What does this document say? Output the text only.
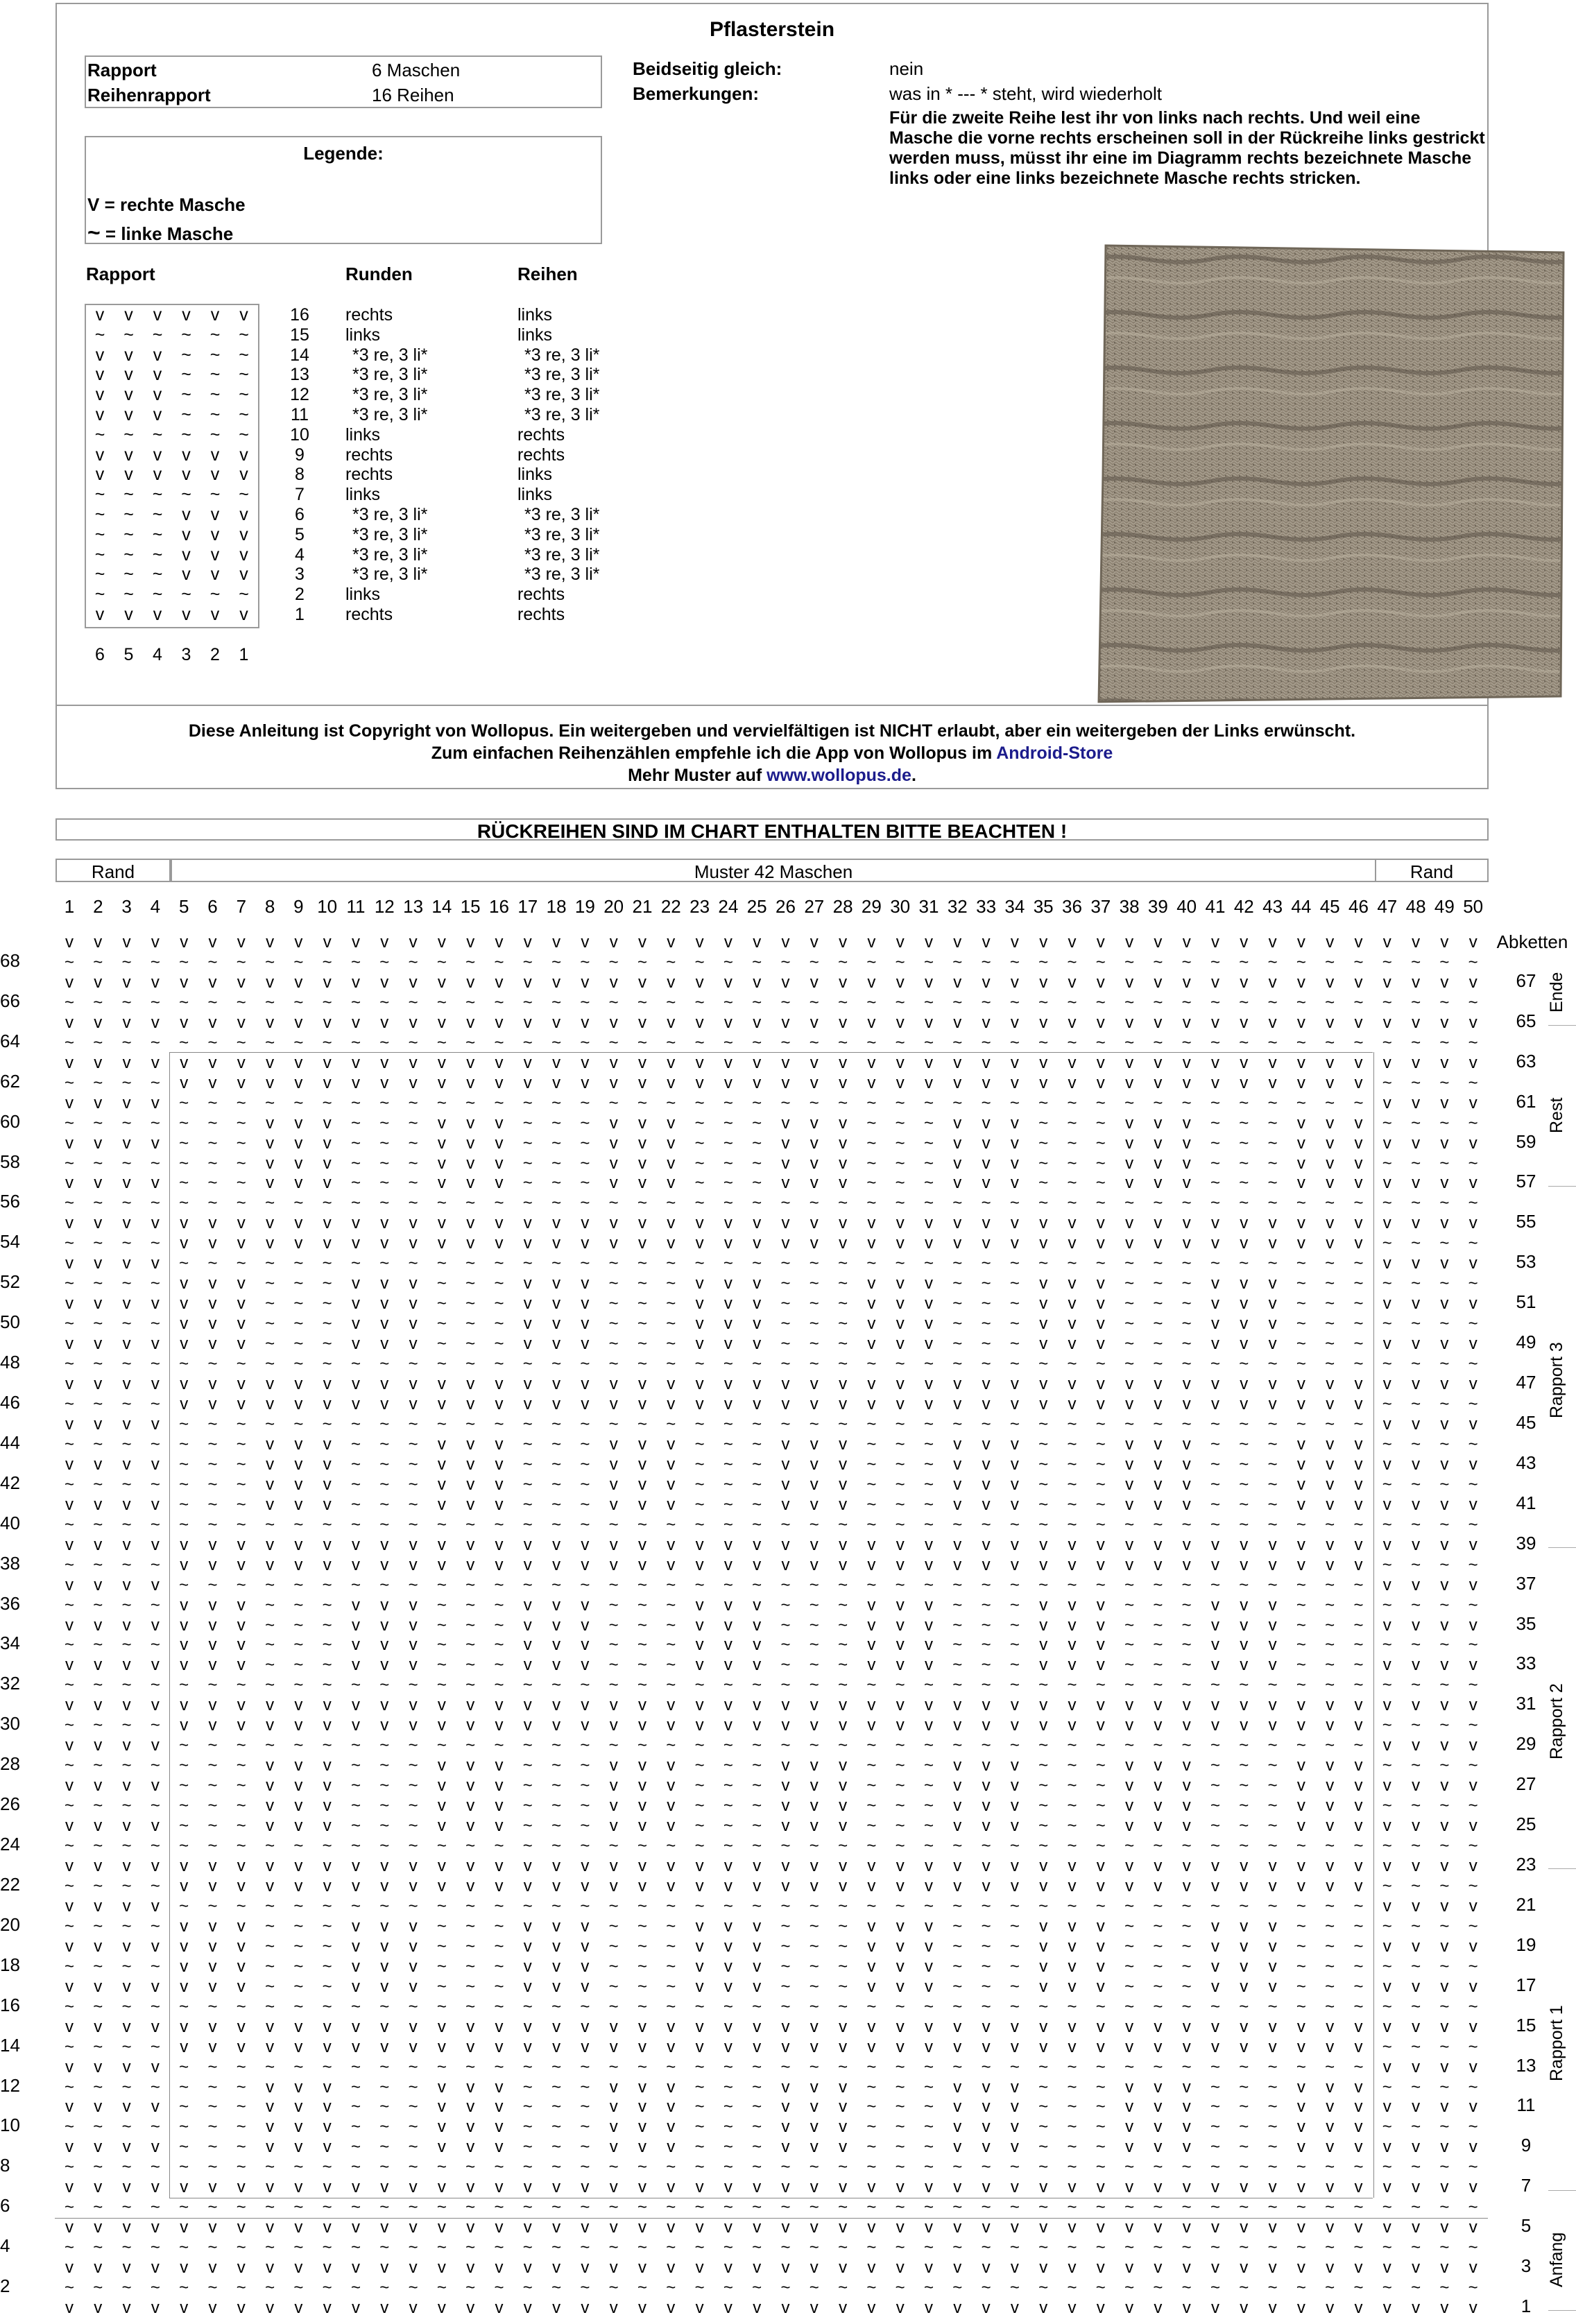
Pflasterstein
Rapport	6 Maschen
Reihenrapport	16 Reihen
Beidseitig gleich:	nein
Bemerkungen:	was in * --- * steht, wird wiederholt
Für die zweite Reihe lest ihr von links nach rechts. Und weil eine
Masche die vorne rechts erscheinen soll in der Rückreihe links gestrickt
werden muss, müsst ihr eine im Diagramm rechts bezeichnete Masche
links oder eine links bezeichnete Masche rechts stricken.
Legende:
V = rechte Masche
~ = linke Masche
Rapport	Runden	Reihen
v	v	v	v	v	v	16 rechts	links
~	~	~	~	~	~	15 links	links
v	v	v	~	~	~	14 *3 re, 3 li*	*3 re, 3 li*
v	v	v	~	~	~	13 *3 re, 3 li*	*3 re, 3 li*
v	v	v	~	~	~	12 *3 re, 3 li*	*3 re, 3 li*
v	v	v	~	~	~	11	*3 re, 3 li*	*3 re, 3 li*
~	~	~	~	~	~	10 links	rechts
v	v	v	v	v	v	9	rechts	rechts
v	v	v	v	v	v	8	rechts	links
~	~	~	~	~	~	7	links	links
~	~	~	v	v	v	6	*3 re, 3 li*	*3 re, 3 li*
~	~	~	v	v	v	5	*3 re, 3 li*	*3 re, 3 li*
~	~	~	v	v	v	4	*3 re, 3 li*	*3 re, 3 li*
~	~	~	v	v	v	3	*3 re, 3 li*	*3 re, 3 li*
~	~	~	~	~	~	2	links	rechts
v	v	v	v	v	v	1	rechts	rechts
6	5	4	3	2	1
Diese Anleitung ist Copyright von Wollopus. Ein weitergeben und vervielfältigen ist NICHT erlaubt, aber ein weitergeben der Links erwünscht.
Zum einfachen Reihenzählen empfehle ich die App von Wollopus im Android-Store
Mehr Muster auf www.wollopus.de.
RÜCKREIHEN SIND IM CHART ENTHALTEN BITTE BEACHTEN !
Rand	Muster 42 Maschen	Rand
1	2	3	4	5	6	7	8	9 10 11 12 13 14 15 16 17 18 19 20 21 22 23 24 25 26 27 28 29 30 31 32 33 34 35 36 37 38 39 40 41 42 43 44 45 46 47 48 49 50
v	v	v	v	v	v	v	v	v	v	v	v	v	v	v	v	v	v	v	v	v	v	v	v	v	v	v	v	v	v	v	v	v	v	v	v	v	v	v	v	v	v	v	v	v	v	v	v	v	v
~	~	~	~	~	~	~	~	~	~	~	~	~	~	~	~	~	~	~	~	~	~	~	~	~	~	~	~	~	~	~	~	~	~	~	~	~	~	~	~	~	~	~	~	~	~	~	~	~	~
68
v	v	v	v	v	v	v	v	v	v	v	v	v	v	v	v	v	v	v	v	v	v	v	v	v	v	v	v	v	v	v	v	v	v	v	v	v	v	v	v	v	v	v	v	v	v	v	v	v	v	67
~	~	~	~	~	~	~	~	~	~	~	~	~	~	~	~	~	~	~	~	~	~	~	~	~	~	~	~	~	~	~	~	~	~	~	~	~	~	~	~	~	~	~	~	~	~	~	~	~	~
66
v	v	v	v	v	v	v	v	v	v	v	v	v	v	v	v	v	v	v	v	v	v	v	v	v	v	v	v	v	v	v	v	v	v	v	v	v	v	v	v	v	v	v	v	v	v	v	v	v	v	65
~	~	~	~	~	~	~	~	~	~	~	~	~	~	~	~	~	~	~	~	~	~	~	~	~	~	~	~	~	~	~	~	~	~	~	~	~	~	~	~	~	~	~	~	~	~	~	~	~	~
64
v	v	v	v	v	v	v	v	v	v	v	v	v	v	v	v	v	v	v	v	v	v	v	v	v	v	v	v	v	v	v	v	v	v	v	v	v	v	v	v	v	v	v	v	v	v	v	v	v	v	63
~	~	~	~	v	v	v	v	v	v	v	v	v	v	v	v	v	v	v	v	v	v	v	v	v	v	v	v	v	v	v	v	v	v	v	v	v	v	v	v	v	v	v	v	v	v	~	~	~	~
62
v	v	v	v	~	~	~	~	~	~	~	~	~	~	~	~	~	~	~	~	~	~	~	~	~	~	~	~	~	~	~	~	~	~	~	~	~	~	~	~	~	~	~	~	~	~	v	v	v	v	61
~	~	~	~	~	~	~	v	v	v	~	~	~	v	v	v	~	~	~	v	v	v	~	~	~	v	v	v	~	~	~	v	v	v	~	~	~	v	v	v	~	~	~	v	v	v	~	~	~	~
60
v	v	v	v	~	~	~	v	v	v	~	~	~	v	v	v	~	~	~	v	v	v	~	~	~	v	v	v	~	~	~	v	v	v	~	~	~	v	v	v	~	~	~	v	v	v	v	v	v	v	59
~	~	~	~	~	~	~	v	v	v	~	~	~	v	v	v	~	~	~	v	v	v	~	~	~	v	v	v	~	~	~	v	v	v	~	~	~	v	v	v	~	~	~	v	v	v	~	~	~	~
58
v	v	v	v	~	~	~	v	v	v	~	~	~	v	v	v	~	~	~	v	v	v	~	~	~	v	v	v	~	~	~	v	v	v	~	~	~	v	v	v	~	~	~	v	v	v	v	v	v	v	57
~	~	~	~	~	~	~	~	~	~	~	~	~	~	~	~	~	~	~	~	~	~	~	~	~	~	~	~	~	~	~	~	~	~	~	~	~	~	~	~	~	~	~	~	~	~	~	~	~	~
56
v	v	v	v	v	v	v	v	v	v	v	v	v	v	v	v	v	v	v	v	v	v	v	v	v	v	v	v	v	v	v	v	v	v	v	v	v	v	v	v	v	v	v	v	v	v	v	v	v	v	55
~	~	~	~	v	v	v	v	v	v	v	v	v	v	v	v	v	v	v	v	v	v	v	v	v	v	v	v	v	v	v	v	v	v	v	v	v	v	v	v	v	v	v	v	v	v	~	~	~	~
54
v	v	v	v	~	~	~	~	~	~	~	~	~	~	~	~	~	~	~	~	~	~	~	~	~	~	~	~	~	~	~	~	~	~	~	~	~	~	~	~	~	~	~	~	~	~	v	v	v	v	53
~	~	~	~	v	v	v	~	~	~	v	v	v	~	~	~	v	v	v	~	~	~	v	v	v	~	~	~	v	v	v	~	~	~	v	v	v	~	~	~	v	v	v	~	~	~	~	~	~	~
52
v	v	v	v	v	v	v	~	~	~	v	v	v	~	~	~	v	v	v	~	~	~	v	v	v	~	~	~	v	v	v	~	~	~	v	v	v	~	~	~	v	v	v	~	~	~	v	v	v	v	51
~	~	~	~	v	v	v	~	~	~	v	v	v	~	~	~	v	v	v	~	~	~	v	v	v	~	~	~	v	v	v	~	~	~	v	v	v	~	~	~	v	v	v	~	~	~	~	~	~	~
50
v	v	v	v	v	v	v	~	~	~	v	v	v	~	~	~	v	v	v	~	~	~	v	v	v	~	~	~	v	v	v	~	~	~	v	v	v	~	~	~	v	v	v	~	~	~	v	v	v	v	49
~	~	~	~	~	~	~	~	~	~	~	~	~	~	~	~	~	~	~	~	~	~	~	~	~	~	~	~	~	~	~	~	~	~	~	~	~	~	~	~	~	~	~	~	~	~	~	~	~	~
48
v	v	v	v	v	v	v	v	v	v	v	v	v	v	v	v	v	v	v	v	v	v	v	v	v	v	v	v	v	v	v	v	v	v	v	v	v	v	v	v	v	v	v	v	v	v	v	v	v	v	47
~	~	~	~	v	v	v	v	v	v	v	v	v	v	v	v	v	v	v	v	v	v	v	v	v	v	v	v	v	v	v	v	v	v	v	v	v	v	v	v	v	v	v	v	v	v	~	~	~	~
46
v	v	v	v	~	~	~	~	~	~	~	~	~	~	~	~	~	~	~	~	~	~	~	~	~	~	~	~	~	~	~	~	~	~	~	~	~	~	~	~	~	~	~	~	~	~	v	v	v	v	45
~	~	~	~	~	~	~	v	v	v	~	~	~	v	v	v	~	~	~	v	v	v	~	~	~	v	v	v	~	~	~	v	v	v	~	~	~	v	v	v	~	~	~	v	v	v	~	~	~	~
44
v	v	v	v	~	~	~	v	v	v	~	~	~	v	v	v	~	~	~	v	v	v	~	~	~	v	v	v	~	~	~	v	v	v	~	~	~	v	v	v	~	~	~	v	v	v	v	v	v	v	43
~	~	~	~	~	~	~	v	v	v	~	~	~	v	v	v	~	~	~	v	v	v	~	~	~	v	v	v	~	~	~	v	v	v	~	~	~	v	v	v	~	~	~	v	v	v	~	~	~	~
42
v	v	v	v	~	~	~	v	v	v	~	~	~	v	v	v	~	~	~	v	v	v	~	~	~	v	v	v	~	~	~	v	v	v	~	~	~	v	v	v	~	~	~	v	v	v	v	v	v	v	41
~	~	~	~	~	~	~	~	~	~	~	~	~	~	~	~	~	~	~	~	~	~	~	~	~	~	~	~	~	~	~	~	~	~	~	~	~	~	~	~	~	~	~	~	~	~	~	~	~	~
40
v	v	v	v	v	v	v	v	v	v	v	v	v	v	v	v	v	v	v	v	v	v	v	v	v	v	v	v	v	v	v	v	v	v	v	v	v	v	v	v	v	v	v	v	v	v	v	v	v	v	39
~	~	~	~	v	v	v	v	v	v	v	v	v	v	v	v	v	v	v	v	v	v	v	v	v	v	v	v	v	v	v	v	v	v	v	v	v	v	v	v	v	v	v	v	v	v	~	~	~	~
38
v	v	v	v	~	~	~	~	~	~	~	~	~	~	~	~	~	~	~	~	~	~	~	~	~	~	~	~	~	~	~	~	~	~	~	~	~	~	~	~	~	~	~	~	~	~	v	v	v	v	37
~	~	~	~	v	v	v	~	~	~	v	v	v	~	~	~	v	v	v	~	~	~	v	v	v	~	~	~	v	v	v	~	~	~	v	v	v	~	~	~	v	v	v	~	~	~	~	~	~	~
36
v	v	v	v	v	v	v	~	~	~	v	v	v	~	~	~	v	v	v	~	~	~	v	v	v	~	~	~	v	v	v	~	~	~	v	v	v	~	~	~	v	v	v	~	~	~	v	v	v	v	35
~	~	~	~	v	v	v	~	~	~	v	v	v	~	~	~	v	v	v	~	~	~	v	v	v	~	~	~	v	v	v	~	~	~	v	v	v	~	~	~	v	v	v	~	~	~	~	~	~	~
34
v	v	v	v	v	v	v	~	~	~	v	v	v	~	~	~	v	v	v	~	~	~	v	v	v	~	~	~	v	v	v	~	~	~	v	v	v	~	~	~	v	v	v	~	~	~	v	v	v	v	33
~	~	~	~	~	~	~	~	~	~	~	~	~	~	~	~	~	~	~	~	~	~	~	~	~	~	~	~	~	~	~	~	~	~	~	~	~	~	~	~	~	~	~	~	~	~	~	~	~	~
32
v	v	v	v	v	v	v	v	v	v	v	v	v	v	v	v	v	v	v	v	v	v	v	v	v	v	v	v	v	v	v	v	v	v	v	v	v	v	v	v	v	v	v	v	v	v	v	v	v	v	31
~	~	~	~	v	v	v	v	v	v	v	v	v	v	v	v	v	v	v	v	v	v	v	v	v	v	v	v	v	v	v	v	v	v	v	v	v	v	v	v	v	v	v	v	v	v	~	~	~	~
30
v	v	v	v	~	~	~	~	~	~	~	~	~	~	~	~	~	~	~	~	~	~	~	~	~	~	~	~	~	~	~	~	~	~	~	~	~	~	~	~	~	~	~	~	~	~	v	v	v	v	29
~	~	~	~	~	~	~	v	v	v	~	~	~	v	v	v	~	~	~	v	v	v	~	~	~	v	v	v	~	~	~	v	v	v	~	~	~	v	v	v	~	~	~	v	v	v	~	~	~	~
28
v	v	v	v	~	~	~	v	v	v	~	~	~	v	v	v	~	~	~	v	v	v	~	~	~	v	v	v	~	~	~	v	v	v	~	~	~	v	v	v	~	~	~	v	v	v	v	v	v	v	27
~	~	~	~	~	~	~	v	v	v	~	~	~	v	v	v	~	~	~	v	v	v	~	~	~	v	v	v	~	~	~	v	v	v	~	~	~	v	v	v	~	~	~	v	v	v	~	~	~	~
26
v	v	v	v	~	~	~	v	v	v	~	~	~	v	v	v	~	~	~	v	v	v	~	~	~	v	v	v	~	~	~	v	v	v	~	~	~	v	v	v	~	~	~	v	v	v	v	v	v	v	25
~	~	~	~	~	~	~	~	~	~	~	~	~	~	~	~	~	~	~	~	~	~	~	~	~	~	~	~	~	~	~	~	~	~	~	~	~	~	~	~	~	~	~	~	~	~	~	~	~	~
24
v	v	v	v	v	v	v	v	v	v	v	v	v	v	v	v	v	v	v	v	v	v	v	v	v	v	v	v	v	v	v	v	v	v	v	v	v	v	v	v	v	v	v	v	v	v	v	v	v	v	23
~	~	~	~	v	v	v	v	v	v	v	v	v	v	v	v	v	v	v	v	v	v	v	v	v	v	v	v	v	v	v	v	v	v	v	v	v	v	v	v	v	v	v	v	v	v	~	~	~	~
22
v	v	v	v	~	~	~	~	~	~	~	~	~	~	~	~	~	~	~	~	~	~	~	~	~	~	~	~	~	~	~	~	~	~	~	~	~	~	~	~	~	~	~	~	~	~	v	v	v	v	21
~	~	~	~	v	v	v	~	~	~	v	v	v	~	~	~	v	v	v	~	~	~	v	v	v	~	~	~	v	v	v	~	~	~	v	v	v	~	~	~	v	v	v	~	~	~	~	~	~	~
20
v	v	v	v	v	v	v	~	~	~	v	v	v	~	~	~	v	v	v	~	~	~	v	v	v	~	~	~	v	v	v	~	~	~	v	v	v	~	~	~	v	v	v	~	~	~	v	v	v	v	19
~	~	~	~	v	v	v	~	~	~	v	v	v	~	~	~	v	v	v	~	~	~	v	v	v	~	~	~	v	v	v	~	~	~	v	v	v	~	~	~	v	v	v	~	~	~	~	~	~	~
18
v	v	v	v	v	v	v	~	~	~	v	v	v	~	~	~	v	v	v	~	~	~	v	v	v	~	~	~	v	v	v	~	~	~	v	v	v	~	~	~	v	v	v	~	~	~	v	v	v	v	17
~	~	~	~	~	~	~	~	~	~	~	~	~	~	~	~	~	~	~	~	~	~	~	~	~	~	~	~	~	~	~	~	~	~	~	~	~	~	~	~	~	~	~	~	~	~	~	~	~	~
16
v	v	v	v	v	v	v	v	v	v	v	v	v	v	v	v	v	v	v	v	v	v	v	v	v	v	v	v	v	v	v	v	v	v	v	v	v	v	v	v	v	v	v	v	v	v	v	v	v	v	15
~	~	~	~	v	v	v	v	v	v	v	v	v	v	v	v	v	v	v	v	v	v	v	v	v	v	v	v	v	v	v	v	v	v	v	v	v	v	v	v	v	v	v	v	v	v	~	~	~	~
14
v	v	v	v	~	~	~	~	~	~	~	~	~	~	~	~	~	~	~	~	~	~	~	~	~	~	~	~	~	~	~	~	~	~	~	~	~	~	~	~	~	~	~	~	~	~	v	v	v	v	13
~	~	~	~	~	~	~	v	v	v	~	~	~	v	v	v	~	~	~	v	v	v	~	~	~	v	v	v	~	~	~	v	v	v	~	~	~	v	v	v	~	~	~	v	v	v	~	~	~	~
12
v	v	v	v	~	~	~	v	v	v	~	~	~	v	v	v	~	~	~	v	v	v	~	~	~	v	v	v	~	~	~	v	v	v	~	~	~	v	v	v	~	~	~	v	v	v	v	v	v	v	11
~	~	~	~	~	~	~	v	v	v	~	~	~	v	v	v	~	~	~	v	v	v	~	~	~	v	v	v	~	~	~	v	v	v	~	~	~	v	v	v	~	~	~	v	v	v	~	~	~	~
10
v	v	v	v	~	~	~	v	v	v	~	~	~	v	v	v	~	~	~	v	v	v	~	~	~	v	v	v	~	~	~	v	v	v	~	~	~	v	v	v	~	~	~	v	v	v	v	v	v	v	9
~	~	~	~	~	~	~	~	~	~	~	~	~	~	~	~	~	~	~	~	~	~	~	~	~	~	~	~	~	~	~	~	~	~	~	~	~	~	~	~	~	~	~	~	~	~	~	~	~	~
8
v	v	v	v	v	v	v	v	v	v	v	v	v	v	v	v	v	v	v	v	v	v	v	v	v	v	v	v	v	v	v	v	v	v	v	v	v	v	v	v	v	v	v	v	v	v	v	v	v	v	7
~	~	~	~	~	~	~	~	~	~	~	~	~	~	~	~	~	~	~	~	~	~	~	~	~	~	~	~	~	~	~	~	~	~	~	~	~	~	~	~	~	~	~	~	~	~	~	~	~	~
6
v	v	v	v	v	v	v	v	v	v	v	v	v	v	v	v	v	v	v	v	v	v	v	v	v	v	v	v	v	v	v	v	v	v	v	v	v	v	v	v	v	v	v	v	v	v	v	v	v	v	5
~	~	~	~	~	~	~	~	~	~	~	~	~	~	~	~	~	~	~	~	~	~	~	~	~	~	~	~	~	~	~	~	~	~	~	~	~	~	~	~	~	~	~	~	~	~	~	~	~	~
4
v	v	v	v	v	v	v	v	v	v	v	v	v	v	v	v	v	v	v	v	v	v	v	v	v	v	v	v	v	v	v	v	v	v	v	v	v	v	v	v	v	v	v	v	v	v	v	v	v	v	3
~	~	~	~	~	~	~	~	~	~	~	~	~	~	~	~	~	~	~	~	~	~	~	~	~	~	~	~	~	~	~	~	~	~	~	~	~	~	~	~	~	~	~	~	~	~	~	~	~	~
2
v	v	v	v	v	v	v	v	v	v	v	v	v	v	v	v	v	v	v	v	v	v	v	v	v	v	v	v	v	v	v	v	v	v	v	v	v	v	v	v	v	v	v	v	v	v	v	v	v	v	1
Abketten
Ende
Rest
Rapport 3
Rapport 2
Rapport 1
Anfang
